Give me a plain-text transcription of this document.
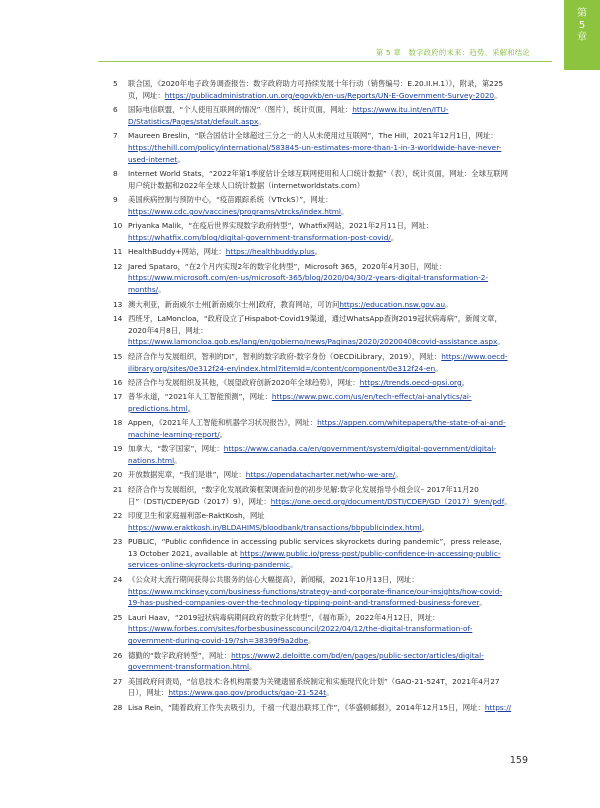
第
5
章
第 5 章　数字政府的未来：趋势、采解和结论

5	联合国，《2020年电子政务调查报告：数字政府助力可持续发展十年行动（销售编号：E.20.II.H.1）》，附录，第225页，网址：https://publicadministration.un.org/egovkb/en-us/Reports/UN-E-Government-Survey-2020。

6	国际电信联盟，“个人使用互联网的情况”（图片），统计页面，网址：https://www.itu.int/en/ITU-D/Statistics/Pages/stat/default.aspx。

7	Maureen Breslin，“联合国估计全球超过三分之一的人从未使用过互联网”，The Hill，2021年12月1日，网址：https://thehill.com/policy/international/583845-un-estimates-more-than-1-in-3-worldwide-have-never-used-internet。

8	Internet World Stats，“2022年第1季度估计全球互联网使用和人口统计数据”（表），统计页面，网址：全球互联网用户统计数据和2022年全球人口统计数据（internetworldstats.com）

9	美国疾病控制与预防中心，“疫苗跟踪系统（VTrckS）”，网址：https://www.cdc.gov/vaccines/programs/vtrcks/index.html。

10 Priyanka Malik，“在疫后世界实现数字政府转型”，Whatfix网站，2021年2月11日，网址：https://whatfix.com/blog/digital-government-transformation-post-covid/。

11 HealthBuddy+网站，网址：https://healthbuddy.plus。

12 Jared Spataro，“在2个月内实现2年的数字化转型”，Microsoft 365，2020年4月30日，网址：https://www.microsoft.com/en-us/microsoft-365/blog/2020/04/30/2-years-digital-transformation-2-months/。

13 澳大利亚，新南威尔士州[新南威尔士州]政府，教育网站，可访问https://education.nsw.gov.au。

14 西班牙，LaMoncloa，“政府设立了Hispabot-Covid19渠道，通过WhatsApp查询2019冠状病毒病”，新闻文章，2020年4月8日，网址：https://www.lamoncloa.gob.es/lang/en/gobierno/news/Paginas/2020/20200408covid-assistance.aspx。

15 经济合作与发展组织，智利的DI”，智利的数字政府-数字身份（OECDiLibrary，2019），网址：https://www.oecd-ilibrary.org/sites/0e312f24-en/index.html?itemId=/content/component/0e312f24-en。

16 经济合作与发展组织及其他，《展望政府创新2020年全球趋势》，网址：https://trends.oecd-opsi.org。

17 普华永道，“2021年人工智能预测”，网址：https://www.pwc.com/us/en/tech-effect/ai-analytics/ai-predictions.html。

18 Appen，《2021年人工智能和机器学习状况报告》，网址：https://appen.com/whitepapers/the-state-of-ai-and-machine-learning-report/。

19 加拿大，“数字国家”，网址：https://www.canada.ca/en/government/system/digital-government/digital-nations.html。

20 开放数据宪章，“我们是谁”，网址：https://opendatacharter.net/who-we-are/。

21 经济合作与发展组织，“数字化发展政策框架调查问卷的初步见解:数字化发展指导小组会议– 2017年11月20日”（DSTI/CDEP/GD（2017）9），网址：https://one.oecd.org/document/DSTI/CDEP/GD（2017）9/en/pdf。

22 印度卫生和家庭福利部e-RaktKosh，网址https://www.eraktkosh.in/BLDAHIMS/bloodbank/transactions/bbpublicindex.html。

23 PUBLIC，“Public confidence in accessing public services skyrockets during pandemic”，press release, 13 October 2021, available at https://www.public.io/press-post/public-confidence-in-accessing-public-services-online-skyrockets-during-pandemic。

24 《公众对大流行期间获得公共服务的信心大幅提高》，新闻稿，2021年10月13日，网址：https://www.mckinsey.com/business-functions/strategy-and-corporate-finance/our-insights/how-covid-19-has-pushed-companies-over-the-technology-tipping-point-and-transformed-business-forever。

25 Lauri Haav，“2019冠状病毒病期间政府的数字化转型”，《福布斯》，2022年4月12日，网址：https://www.forbes.com/sites/forbesbusinesscouncil/2022/04/12/the-digital-transformation-of-government-during-covid-19/?sh=38399f9a2dbe。

26 德勤的“数字政府转型”，网址：https://www2.deloitte.com/bd/en/pages/public-sector/articles/digital-government-transformation.html。

27 美国政府问责局，“信息技术:各机构需要为关键遗留系统制定和实施现代化计划”（GAO-21-524T，2021年4月27日），网址：https://www.gao.gov/products/gao-21-524t。

28 Lisa Rein，“随着政府工作失去吸引力，千禧一代退出联邦工作”，《华盛顿邮报》，2014年12月15日，网址：https://

159
